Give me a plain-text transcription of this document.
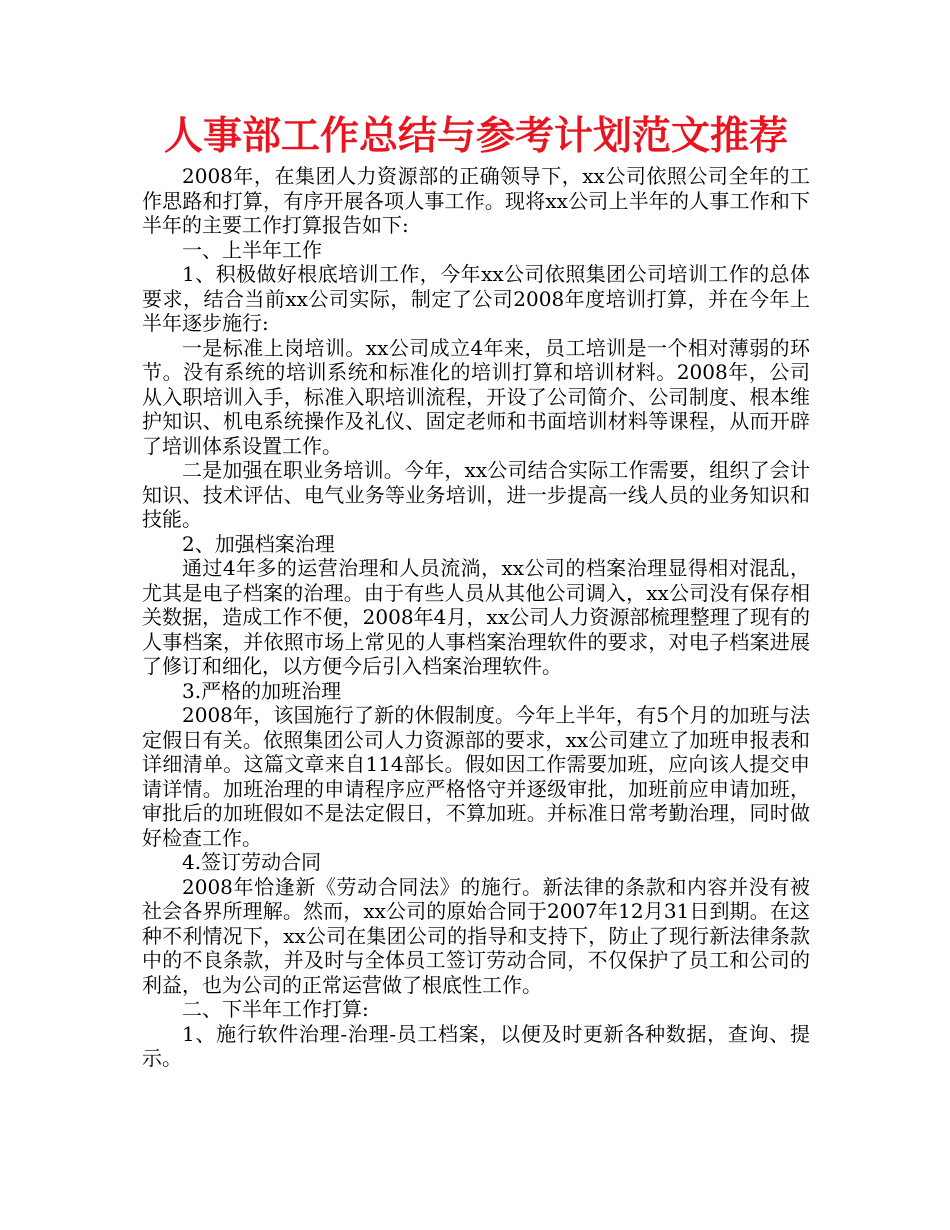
人事部工作总结与参考计划范文推荐

2008年，在集团人力资源部的正确领导下，xx公司依照公司全年的工作思路和打算，有序开展各项人事工作。现将xx公司上半年的人事工作和下半年的主要工作打算报告如下:

一、上半年工作

1、积极做好根底培训工作，今年xx公司依照集团公司培训工作的总体要求，结合当前xx公司实际，制定了公司2008年度培训打算，并在今年上半年逐步施行:

一是标准上岗培训。xx公司成立4年来，员工培训是一个相对薄弱的环节。没有系统的培训系统和标准化的培训打算和培训材料。2008年，公司从入职培训入手，标准入职培训流程，开设了公司简介、公司制度、根本维护知识、机电系统操作及礼仪、固定老师和书面培训材料等课程，从而开辟了培训体系设置工作。

二是加强在职业务培训。今年，xx公司结合实际工作需要，组织了会计知识、技术评估、电气业务等业务培训，进一步提高一线人员的业务知识和技能。

2、加强档案治理

通过4年多的运营治理和人员流淌，xx公司的档案治理显得相对混乱，尤其是电子档案的治理。由于有些人员从其他公司调入，xx公司没有保存相关数据，造成工作不便，2008年4月，xx公司人力资源部梳理整理了现有的人事档案，并依照市场上常见的人事档案治理软件的要求，对电子档案进展了修订和细化，以方便今后引入档案治理软件。

3.严格的加班治理

2008年，该国施行了新的休假制度。今年上半年，有5个月的加班与法定假日有关。依照集团公司人力资源部的要求，xx公司建立了加班申报表和详细清单。这篇文章来自114部长。假如因工作需要加班，应向该人提交申请详情。加班治理的申请程序应严格恪守并逐级审批，加班前应申请加班，审批后的加班假如不是法定假日，不算加班。并标准日常考勤治理，同时做好检查工作。

4.签订劳动合同

2008年恰逢新《劳动合同法》的施行。新法律的条款和内容并没有被社会各界所理解。然而，xx公司的原始合同于2007年12月31日到期。在这种不利情况下，xx公司在集团公司的指导和支持下，防止了现行新法律条款中的不良条款，并及时与全体员工签订劳动合同，不仅保护了员工和公司的利益，也为公司的正常运营做了根底性工作。

二、下半年工作打算:

1、施行软件治理-治理-员工档案，以便及时更新各种数据，查询、提示。
